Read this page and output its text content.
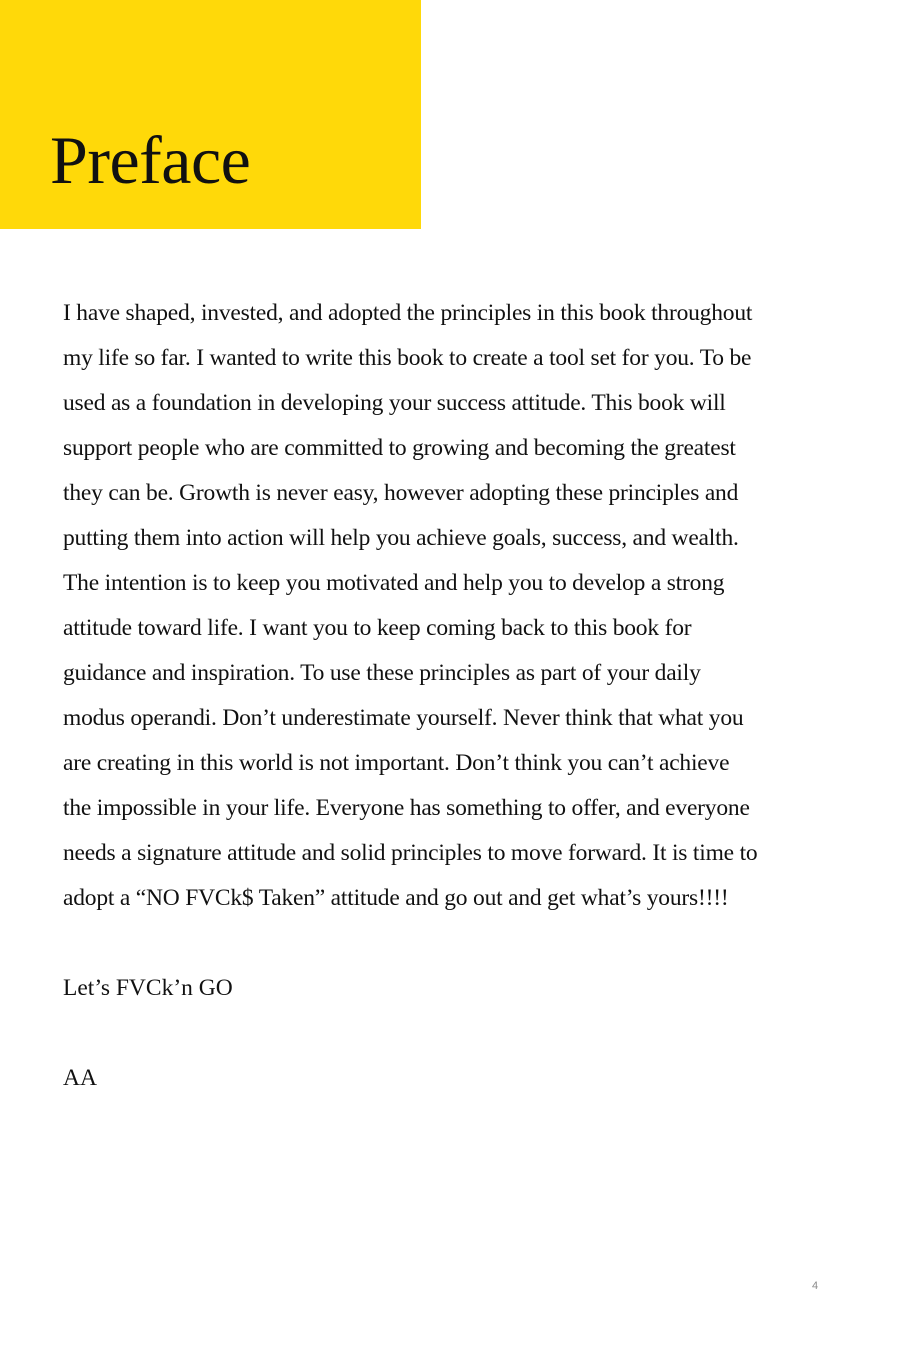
Preface
I have shaped, invested, and adopted the principles in this book throughout
my life so far. I wanted to write this book to create a tool set for you. To be
used as a foundation in developing your success attitude. This book will
support people who are committed to growing and becoming the greatest
they can be. Growth is never easy, however adopting these principles and
putting them into action will help you achieve goals, success, and wealth.
The intention is to keep you motivated and help you to develop a strong
attitude toward life. I want you to keep coming back to this book for
guidance and inspiration. To use these principles as part of your daily
modus operandi. Don’t underestimate yourself. Never think that what you
are creating in this world is not important. Don’t think you can’t achieve
the impossible in your life. Everyone has something to offer, and everyone
needs a signature attitude and solid principles to move forward. It is time to
adopt a “NO FVCk$ Taken” attitude and go out and get what’s yours!!!!
Let’s FVCk’n GO
AA
4
